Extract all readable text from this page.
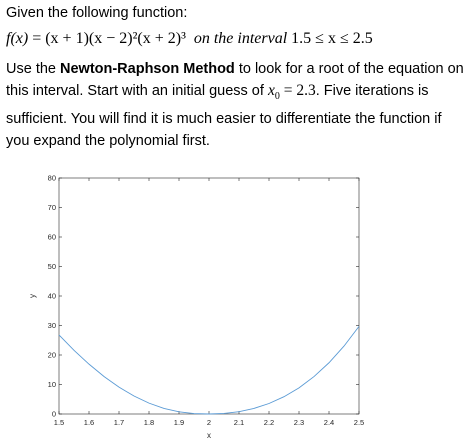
Given the following function:

f(x) = (x + 1)(x − 2)²(x + 2)³ on the interval 1.5 ≤ x ≤ 2.5

Use the Newton-Raphson Method to look for a root of the equation on

this interval. Start with an initial guess of $x_0 = 2.3$. Five iterations is

sufficient. You will find it is much easier to differentiate the function if

you expand the polynomial first.

1.5	1.6	1.7	1.8	1.9	2	2.1	2.2	2.3	2.4	2.5
0
10
20
30
40
50
60
70
80
x
y
